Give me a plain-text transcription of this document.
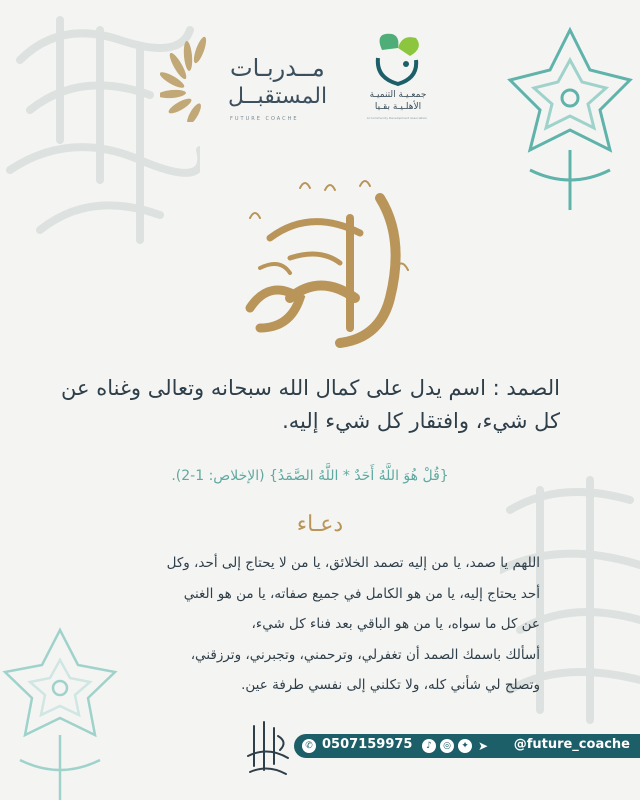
مــدربـات
المستقبــل
FUTURE COACHE
جمعـيـة التنميـة
الأهلـيـة بقـيا
Al Community Development Association
الصمد : اسم يدل على كمال الله سبحانه وتعالى وغناه عن كل شيء، وافتقار كل شيء إليه.
{قُلْ هُوَ اللَّهُ أَحَدٌ * اللَّهُ الصَّمَدُ} (الإخلاص: 1-2).
دعـاء
اللهم يا صمد، يا من إليه تصمد الخلائق، يا من لا يحتاج إلى أحد، وكل
أحد يحتاج إليه، يا من هو الكامل في جميع صفاته، يا من هو الغني
عن كل ما سواه، يا من هو الباقي بعد فناء كل شيء،
أسألك باسمك الصمد أن تغفرلي، وترحمني، وتجبرني، وترزقني،
وتصلح لي شأني كله، ولا تكلني إلى نفسي طرفة عين.
✆ 0507159975	♪	◎	✦ ➤ @future_coache
